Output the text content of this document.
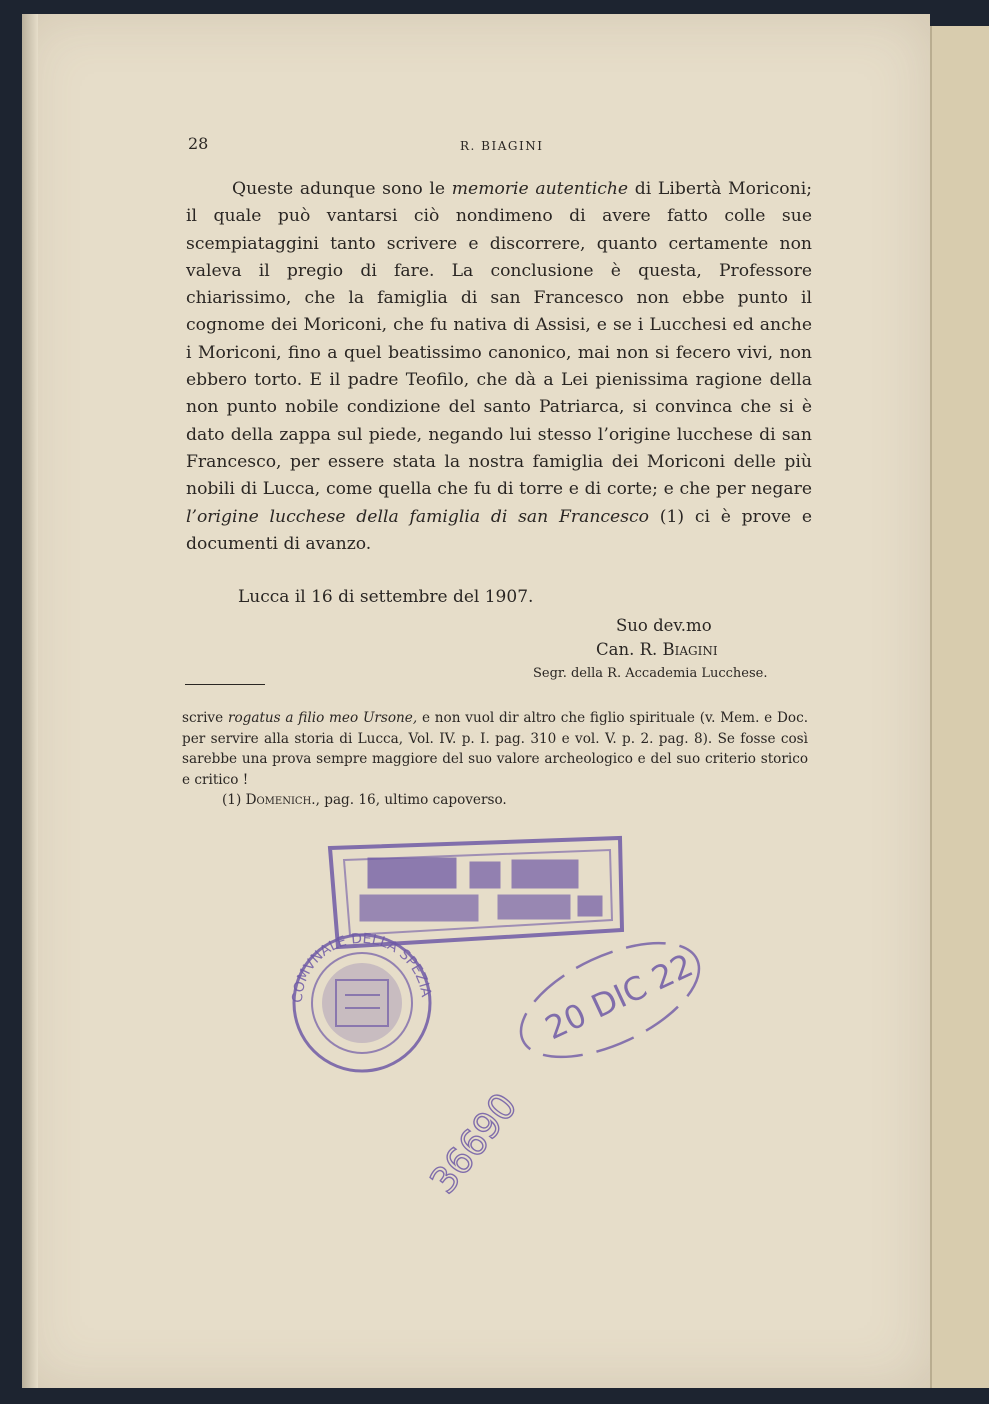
28	R. BIAGINI

Queste adunque sono le memorie autentiche di Libertà Moriconi; il quale può vantarsi ciò nondimeno di avere fatto colle sue scempiataggini tanto scrivere e discorrere, quanto certamente non valeva il pregio di fare. La conclusione è questa, Professore chiarissimo, che la famiglia di san Francesco non ebbe punto il cognome dei Moriconi, che fu nativa di Assisi, e se i Lucchesi ed anche i Moriconi, fino a quel beatissimo canonico, mai non si fecero vivi, non ebbero torto. E il padre Teofilo, che dà a Lei pienissima ragione della non punto nobile condizione del santo Patriarca, si convinca che si è dato della zappa sul piede, negando lui stesso l’origine lucchese di san Francesco, per essere stata la nostra famiglia dei Moriconi delle più nobili di Lucca, come quella che fu di torre e di corte; e che per negare l’origine lucchese della famiglia di san Francesco (1) ci è prove e documenti di avanzo.

Lucca il 16 di settembre del 1907.
Suo dev.mo
Can. R. Biagini
Segr. della R. Accademia Lucchese.

scrive rogatus a filio meo Ursone, e non vuol dir altro che figlio spirituale (v. Mem. e Doc. per servire alla storia di Lucca, Vol. IV. p. I. pag. 310 e vol. V. p. 2. pag. 8). Se fosse così sarebbe una prova sempre maggiore del suo valore archeologico e del suo criterio storico e critico !

(1) Domenich., pag. 16, ultimo capoverso.

COMVNALE DELLA SPEZIA	20 DIC 22
36690
